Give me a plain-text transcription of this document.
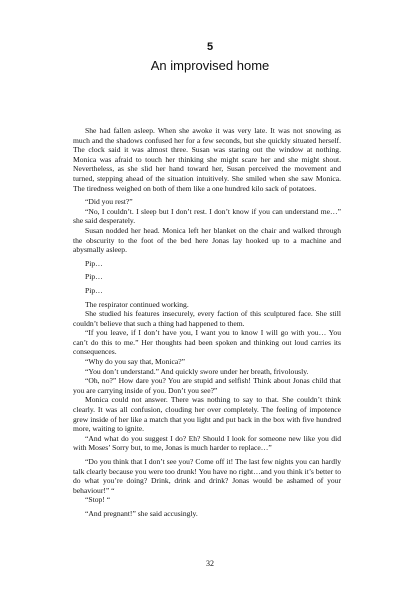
5
An improvised home

She had fallen asleep. When she awoke it was very late. It was not snowing as much and the shadows confused her for a few seconds, but she quickly situated herself. The clock said it was almost three. Susan was staring out the window at nothing. Monica was afraid to touch her thinking she might scare her and she might shout. Nevertheless, as she slid her hand toward her, Susan perceived the movement and turned, stepping ahead of the situation intuitively. She smiled when she saw Monica. The tiredness weighed on both of them like a one hundred kilo sack of potatoes.

“Did you rest?”

“No, I couldn’t. I sleep but I don’t rest. I don’t know if you can understand me…” she said desperately.

Susan nodded her head. Monica left her blanket on the chair and walked through the obscurity to the foot of the bed here Jonas lay hooked up to a machine and abysmally asleep.

Pip…

Pip…

Pip…

The respirator continued working.

She studied his features insecurely, every faction of this sculptured face. She still couldn’t believe that such a thing had happened to them.

“If you leave, if I don’t have you, I want you to know I will go with you… You can’t do this to me.” Her thoughts had been spoken and thinking out loud carries its consequences.

“Why do you say that, Monica?”

“You don’t understand.” And quickly swore under her breath, frivolously.

“Oh, no?” How dare you? You are stupid and selfish! Think about Jonas child that you are carrying inside of you. Don’t you see?”

Monica could not answer. There was nothing to say to that. She couldn’t think clearly. It was all confusion, clouding her over completely. The feeling of impotence grew inside of her like a match that you light and put back in the box with five hundred more, waiting to ignite.

“And what do you suggest I do? Eh? Should I look for someone new like you did with Moses’ Sorry but, to me, Jonas is much harder to replace…”

“Do you think that I don’t see you? Come off it! The last few nights you can hardly talk clearly because you were too drunk! You have no right…and you think it’s better to do what you’re doing? Drink, drink and drink? Jonas would be ashamed of your behaviour!” “

“Stop! “

“And pregnant!” she said accusingly.

32
